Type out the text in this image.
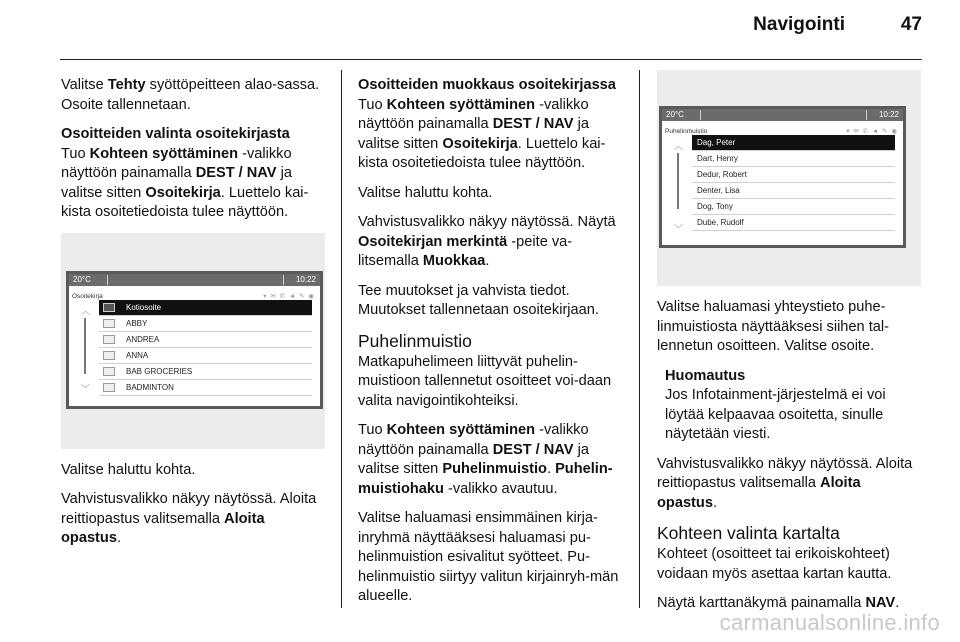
Navigointi	47

Valitse Tehty syöttöpeitteen alao-sassa. Osoite tallennetaan.

Osoitteiden valinta osoitekirjasta
Tuo Kohteen syöttäminen -valikko näyttöön painamalla DEST / NAV ja valitse sitten Osoitekirja. Luettelo kai-kista osoitetiedoista tulee näyttöön.

20°C	10:22
Osoitekirja	▾ ✉ ✆ ◄ ✎ ◉
︿
﹀
Kotiosoite
ABBY
ANDREA
ANNA
BAB GROCERIES
BADMINTON

Valitse haluttu kohta.

Vahvistusvalikko näkyy näytössä. Aloita reittiopastus valitsemalla Aloita opastus.

Osoitteiden muokkaus osoitekirjassa
Tuo Kohteen syöttäminen -valikko näyttöön painamalla DEST / NAV ja valitse sitten Osoitekirja. Luettelo kai-kista osoitetiedoista tulee näyttöön.

Valitse haluttu kohta.

Vahvistusvalikko näkyy näytössä. Näytä Osoitekirjan merkintä -peite va-litsemalla Muokkaa.

Tee muutokset ja vahvista tiedot. Muutokset tallennetaan osoitekirjaan.

Puhelinmuistio

Matkapuhelimeen liittyvät puhelin-muistioon tallennetut osoitteet voi-daan valita navigointikohteiksi.

Tuo Kohteen syöttäminen -valikko näyttöön painamalla DEST / NAV ja valitse sitten Puhelinmuistio. Puhelin-muistiohaku -valikko avautuu.

Valitse haluamasi ensimmäinen kirja-inryhmä näyttääksesi haluamasi pu-helinmuistion esivalitut syötteet. Pu-helinmuistio siirtyy valitun kirjainryh-män alueelle.

20°C	10:22
Puhelinmuistio	▾ ✉ ✆ ◄ ✎ ◉
︿
﹀
Dag, Peter
Dart, Henry
Dedur, Robert
Denter, Lisa
Dog, Tony
Dube, Rudolf

Valitse haluamasi yhteystieto puhe-linmuistiosta näyttääksesi siihen tal-lennetun osoitteen. Valitse osoite.

Huomautus
Jos Infotainment-järjestelmä ei voi löytää kelpaavaa osoitetta, sinulle näytetään viesti.

Vahvistusvalikko näkyy näytössä. Aloita reittiopastus valitsemalla Aloita opastus.

Kohteen valinta kartalta

Kohteet (osoitteet tai erikoiskohteet) voidaan myös asettaa kartan kautta.

Näytä karttanäkymä painamalla NAV.

carmanualsonline.info
